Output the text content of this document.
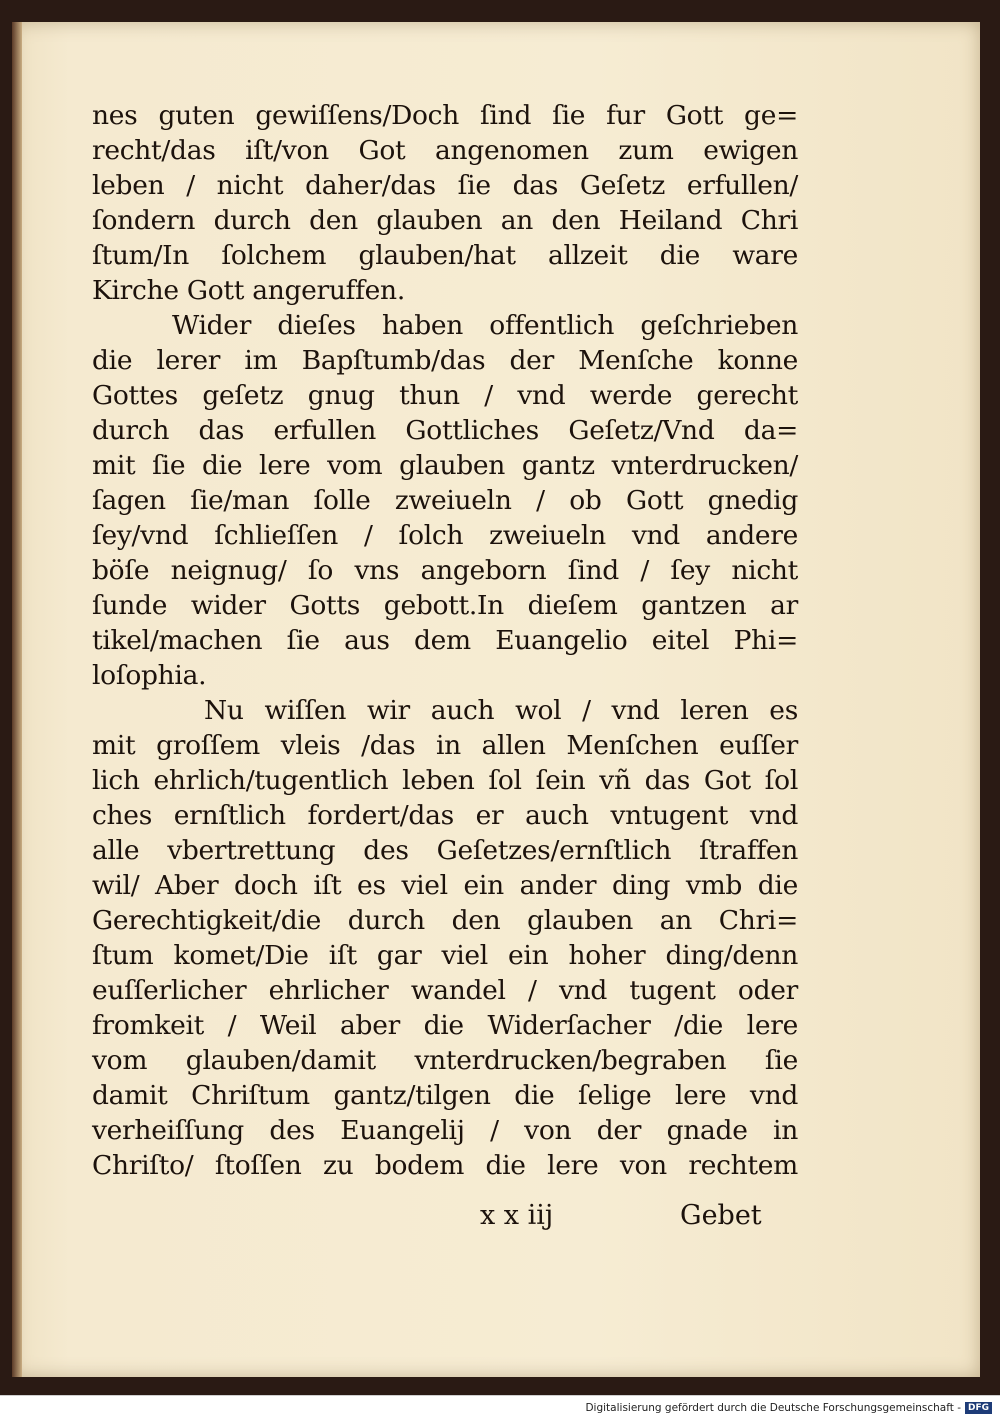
nes guten gewiſſens/Doch ſind ſie fur Gott ge=
recht/das iſt/von Got angenomen zum ewigen
leben / nicht daher/das ſie das Geſetz erfullen/
ſondern durch den glauben an den Heiland Chri
ſtum/In ſolchem glauben/hat allzeit die ware
Kirche Gott angeruffen.
Wider dieſes haben offentlich geſchrieben
die lerer im Bapſtumb/das der Menſche konne
Gottes geſetz gnug thun / vnd werde gerecht
durch das erfullen Gottliches Geſetz/Vnd da=
mit ſie die lere vom glauben gantz vnterdrucken/
ſagen ſie/man ſolle zweiueln / ob Gott gnedig
ſey/vnd ſchlieſſen / ſolch zweiueln vnd andere
böſe neignug/ ſo vns angeborn ſind / ſey nicht
ſunde wider Gotts gebott.In dieſem gantzen ar
tikel/machen ſie aus dem Euangelio eitel Phi=
loſophia.
Nu wiſſen wir auch wol / vnd leren es
mit groſſem vleis /das in allen Menſchen euſſer
lich ehrlich/tugentlich leben ſol ſein vñ das Got ſol
ches ernſtlich fordert/das er auch vntugent vnd
alle vbertrettung des Geſetzes/ernſtlich ſtraffen
wil/ Aber doch iſt es viel ein ander ding vmb die
Gerechtigkeit/die durch den glauben an Chri=
ſtum komet/Die iſt gar viel ein hoher ding/denn
euſſerlicher ehrlicher wandel / vnd tugent oder
fromkeit / Weil aber die Widerſacher /die lere
vom glauben/damit vnterdrucken/begraben ſie
damit Chriſtum gantz/tilgen die ſelige lere vnd
verheiſſung des Euangelij / von der gnade in
Chriſto/ ſtoſſen zu bodem die lere von rechtem
x x iij	Gebet
Digitalisierung gefördert durch die Deutsche Forschungsgemeinschaft - DFG
